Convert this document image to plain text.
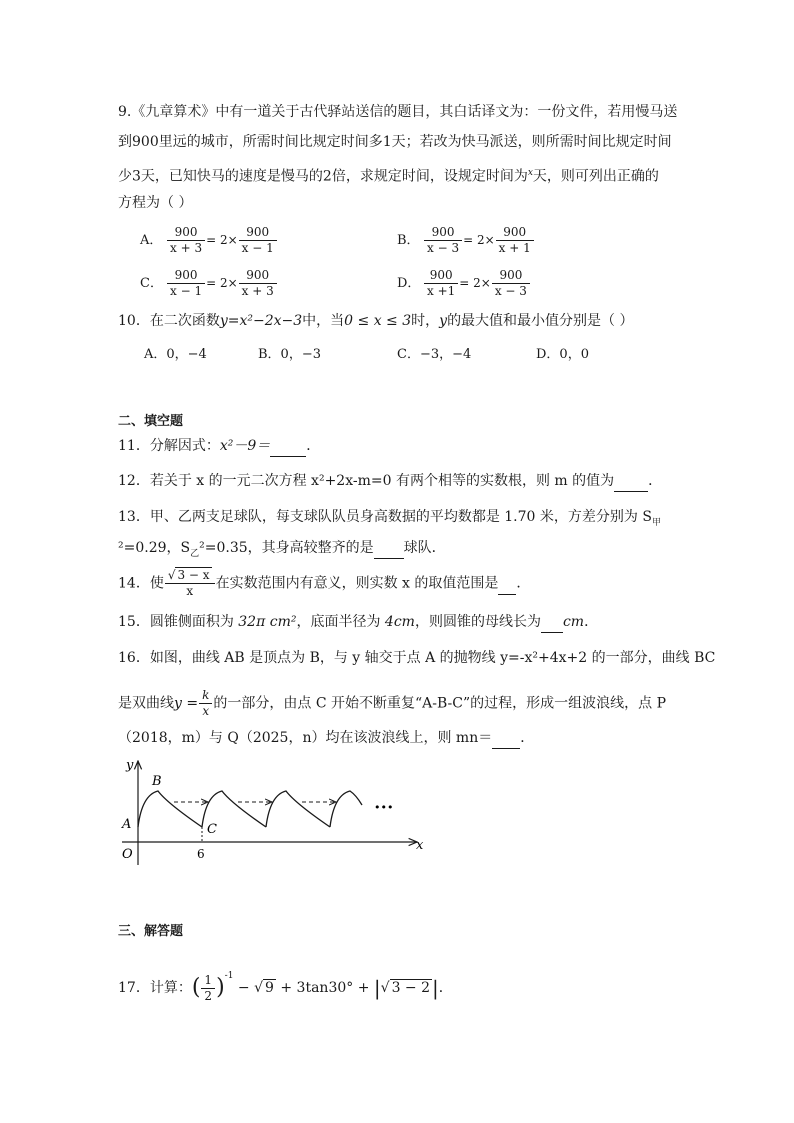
9.《九章算术》中有一道关于古代驿站送信的题目，其白话译文为：一份文件，若用慢马送
到900里远的城市，所需时间比规定时间多1天；若改为快马派送，则所需时间比规定时间
少3天，已知快马的速度是慢马的2倍，求规定时间，设规定时间为$^x$天，则可列出正确的
方程为（ ）
A． $\frac{900}{x + 3} = 2\times \frac{900}{x - 1}$	B． $\frac{900}{x - 3} = 2\times \frac{900}{x + 1}$
C． $\frac{900}{x - 1} = 2\times \frac{900}{x + 3}$	D． $\frac{900}{x +1} = 2\times \frac{900}{x - 3}$
10．在二次函数y=x²−2x−3中，当0 ≤ x ≤ 3时，y的最大值和最小值分别是（ ）
A．0，−4	B．0，−3	C．−3，−4	D．0，0
二、填空题
11．分解因式：x²－9＝	．
12．若关于 x 的一元二次方程 x²+2x-m=0 有两个相等的实数根，则 m 的值为 ．
13．甲、乙两支足球队，每支球队队员身高数据的平均数都是 1.70 米，方差分别为 $S_甲$
²=0.29，$S_乙^2=0.35$，其身高较整齐的是 球队．
14．使 $\frac{√ 3 - x}{x}$ 在实数范围内有意义，则实数 x 的取值范围是 ．
15．圆锥侧面积为 32π cm²，底面半径为 4cm，则圆锥的母线长为 cm．
16．如图，曲线 AB 是顶点为 B，与 y 轴交于点 A 的抛物线 y=-x²+4x+2 的一部分，曲线 BC
是双曲线$y = \frac{k}{x}$ 的一部分，由点 C 开始不断重复“A-B-C”的过程，形成一组波浪线，点 P
（2018，m）与 Q（2025，n）均在该波浪线上，则 mn＝ ．
y
x
O
A
B
C
6
•••
三、解答题
17．计算：( $\frac{1}{2} )^{-1}$ − √ 9 + 3tan30° + |√ 3 − 2 |．
